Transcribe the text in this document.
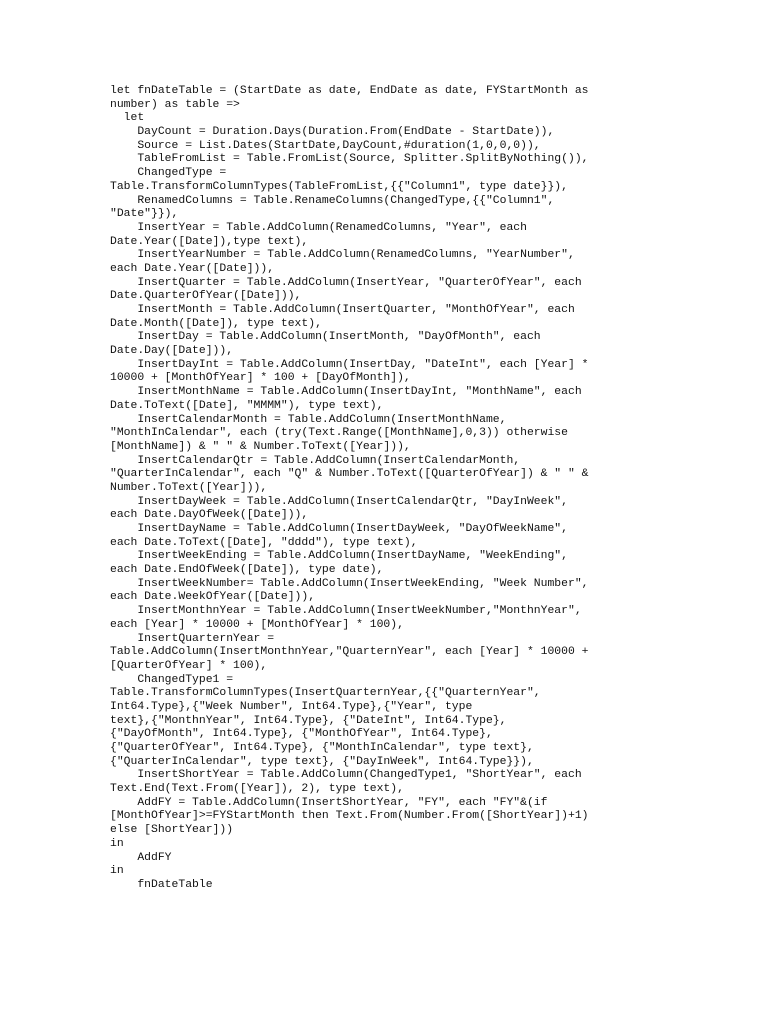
let fnDateTable = (StartDate as date, EndDate as date, FYStartMonth as
number) as table =>
let
DayCount = Duration.Days(Duration.From(EndDate - StartDate)),
Source = List.Dates(StartDate,DayCount,#duration(1,0,0,0)),
TableFromList = Table.FromList(Source, Splitter.SplitByNothing()),
ChangedType =
Table.TransformColumnTypes(TableFromList,{{"Column1", type date}}),
RenamedColumns = Table.RenameColumns(ChangedType,{{"Column1",
"Date"}}),
InsertYear = Table.AddColumn(RenamedColumns, "Year", each
Date.Year([Date]),type text),
InsertYearNumber = Table.AddColumn(RenamedColumns, "YearNumber",
each Date.Year([Date])),
InsertQuarter = Table.AddColumn(InsertYear, "QuarterOfYear", each
Date.QuarterOfYear([Date])),
InsertMonth = Table.AddColumn(InsertQuarter, "MonthOfYear", each
Date.Month([Date]), type text),
InsertDay = Table.AddColumn(InsertMonth, "DayOfMonth", each
Date.Day([Date])),
InsertDayInt = Table.AddColumn(InsertDay, "DateInt", each [Year] *
10000 + [MonthOfYear] * 100 + [DayOfMonth]),
InsertMonthName = Table.AddColumn(InsertDayInt, "MonthName", each
Date.ToText([Date], "MMMM"), type text),
InsertCalendarMonth = Table.AddColumn(InsertMonthName,
"MonthInCalendar", each (try(Text.Range([MonthName],0,3)) otherwise
[MonthName]) & " " & Number.ToText([Year])),
InsertCalendarQtr = Table.AddColumn(InsertCalendarMonth,
"QuarterInCalendar", each "Q" & Number.ToText([QuarterOfYear]) & " " &
Number.ToText([Year])),
InsertDayWeek = Table.AddColumn(InsertCalendarQtr, "DayInWeek",
each Date.DayOfWeek([Date])),
InsertDayName = Table.AddColumn(InsertDayWeek, "DayOfWeekName",
each Date.ToText([Date], "dddd"), type text),
InsertWeekEnding = Table.AddColumn(InsertDayName, "WeekEnding",
each Date.EndOfWeek([Date]), type date),
InsertWeekNumber= Table.AddColumn(InsertWeekEnding, "Week Number",
each Date.WeekOfYear([Date])),
InsertMonthnYear = Table.AddColumn(InsertWeekNumber,"MonthnYear",
each [Year] * 10000 + [MonthOfYear] * 100),
InsertQuarternYear =
Table.AddColumn(InsertMonthnYear,"QuarternYear", each [Year] * 10000 +
[QuarterOfYear] * 100),
ChangedType1 =
Table.TransformColumnTypes(InsertQuarternYear,{{"QuarternYear",
Int64.Type},{"Week Number", Int64.Type},{"Year", type
text},{"MonthnYear", Int64.Type}, {"DateInt", Int64.Type},
{"DayOfMonth", Int64.Type}, {"MonthOfYear", Int64.Type},
{"QuarterOfYear", Int64.Type}, {"MonthInCalendar", type text},
{"QuarterInCalendar", type text}, {"DayInWeek", Int64.Type}}),
InsertShortYear = Table.AddColumn(ChangedType1, "ShortYear", each
Text.End(Text.From([Year]), 2), type text),
AddFY = Table.AddColumn(InsertShortYear, "FY", each "FY"&(if
[MonthOfYear]>=FYStartMonth then Text.From(Number.From([ShortYear])+1)
else [ShortYear]))
in
AddFY
in
fnDateTable
